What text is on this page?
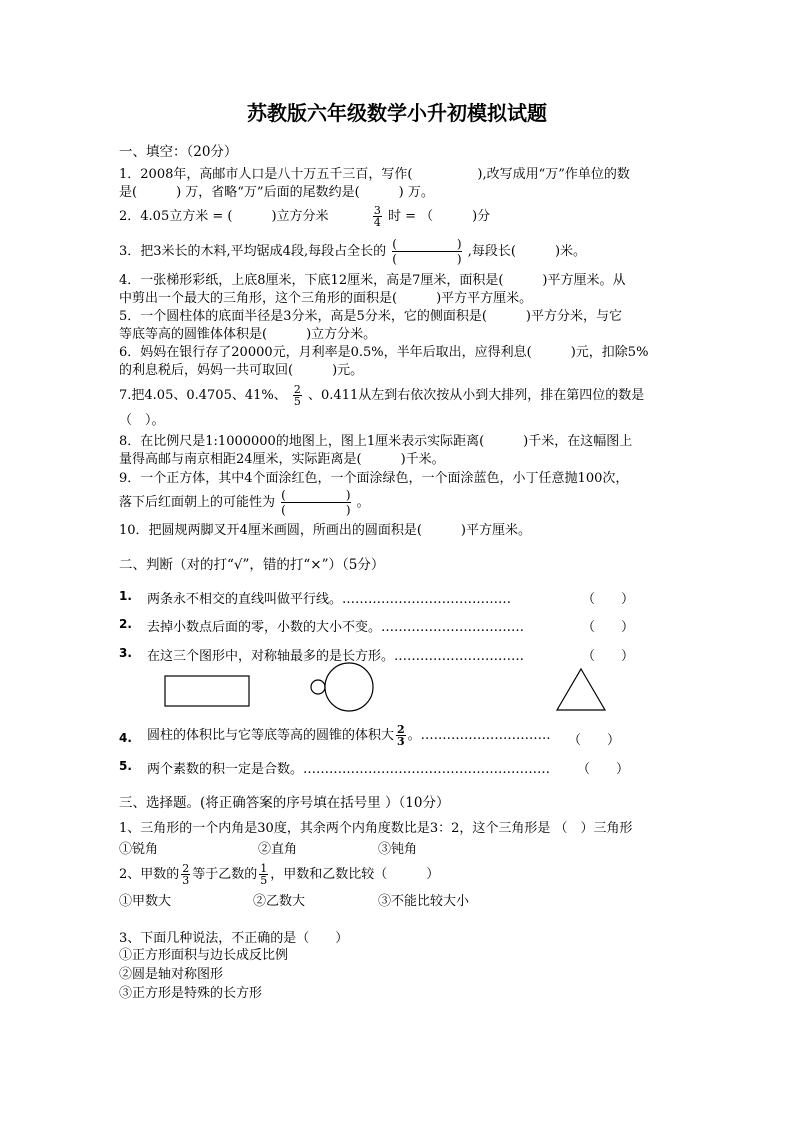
苏教版六年级数学小升初模拟试题
一、填空：（20分）
1．2008年，高邮市人口是八十万五千三百，写作(　　　　　),改写成用“万”作单位的数
是(　　　) 万，省略“万”后面的尾数约是(　　　) 万。
2．4.05立方米 = (　　　)立方分米	$\frac{3}{4}$ 时 = （　　　)分
3．把3米长的木料,平均锯成4段,每段占全长的 (　　　　　)
(　　　　　) ,每段长(　　　)米。
4．一张梯形彩纸，上底8厘米，下底12厘米，高是7厘米，面积是(　　　)平方厘米。从
中剪出一个最大的三角形，这个三角形的面积是(　　　)平方平方厘米。
5．一个圆柱体的底面半径是3分米，高是5分米，它的侧面积是(　　　)平方分米，与它
等底等高的圆锥体体积是(　　　)立方分米。
6．妈妈在银行存了20000元，月利率是0.5%，半年后取出，应得利息(　　　)元，扣除5%
的利息税后，妈妈一共可取回(　　　)元。
7.把4.05、0.4705、41%、 $\frac{2}{5}$ 、0.411从左到右依次按从小到大排列，排在第四位的数是
（　）。
8．在比例尺是1:1000000的地图上，图上1厘米表示实际距离(　　　)千米，在这幅图上
量得高邮与南京相距24厘米，实际距离是(　　　)千米。
9．一个正方体，其中4个面涂红色，一个面涂绿色，一个面涂蓝色，小丁任意抛100次，
落下后红面朝上的可能性为 (　　　　　)
(　　　　　) 。
10．把圆规两脚叉开4厘米画圆，所画出的圆面积是(　　　)平方厘米。
二、判断（对的打“√”，错的打“×”）（5分）
1. 两条永不相交的直线叫做平行线。…………………………………	（　　）
2. 去掉小数点后面的零，小数的大小不变。……………………………	（　　）
3. 在这三个图形中，对称轴最多的是长方形。…………………………	（　　）
4. 圆柱的体积比与它等底等高的圆锥的体积大 $\frac{2}{3}$ 。………………………… （　　）
5. 两个素数的积一定是合数。………………………………………………… （　　）
三、选择题。(将正确答案的序号填在括号里 ）（10分）
1、三角形的一个内角是30度，其余两个内角度数比是3：2，这个三角形是 （　）三角形
①锐角	②直角	③钝角
2、甲数的 $\frac{2}{3}$ 等于乙数的 $\frac{1}{5}$ ，甲数和乙数比较（　　　）
①甲数大	②乙数大	③不能比较大小
3、下面几种说法，不正确的是（　　）
①正方形面积与边长成反比例
②圆是轴对称图形
③正方形是特殊的长方形
